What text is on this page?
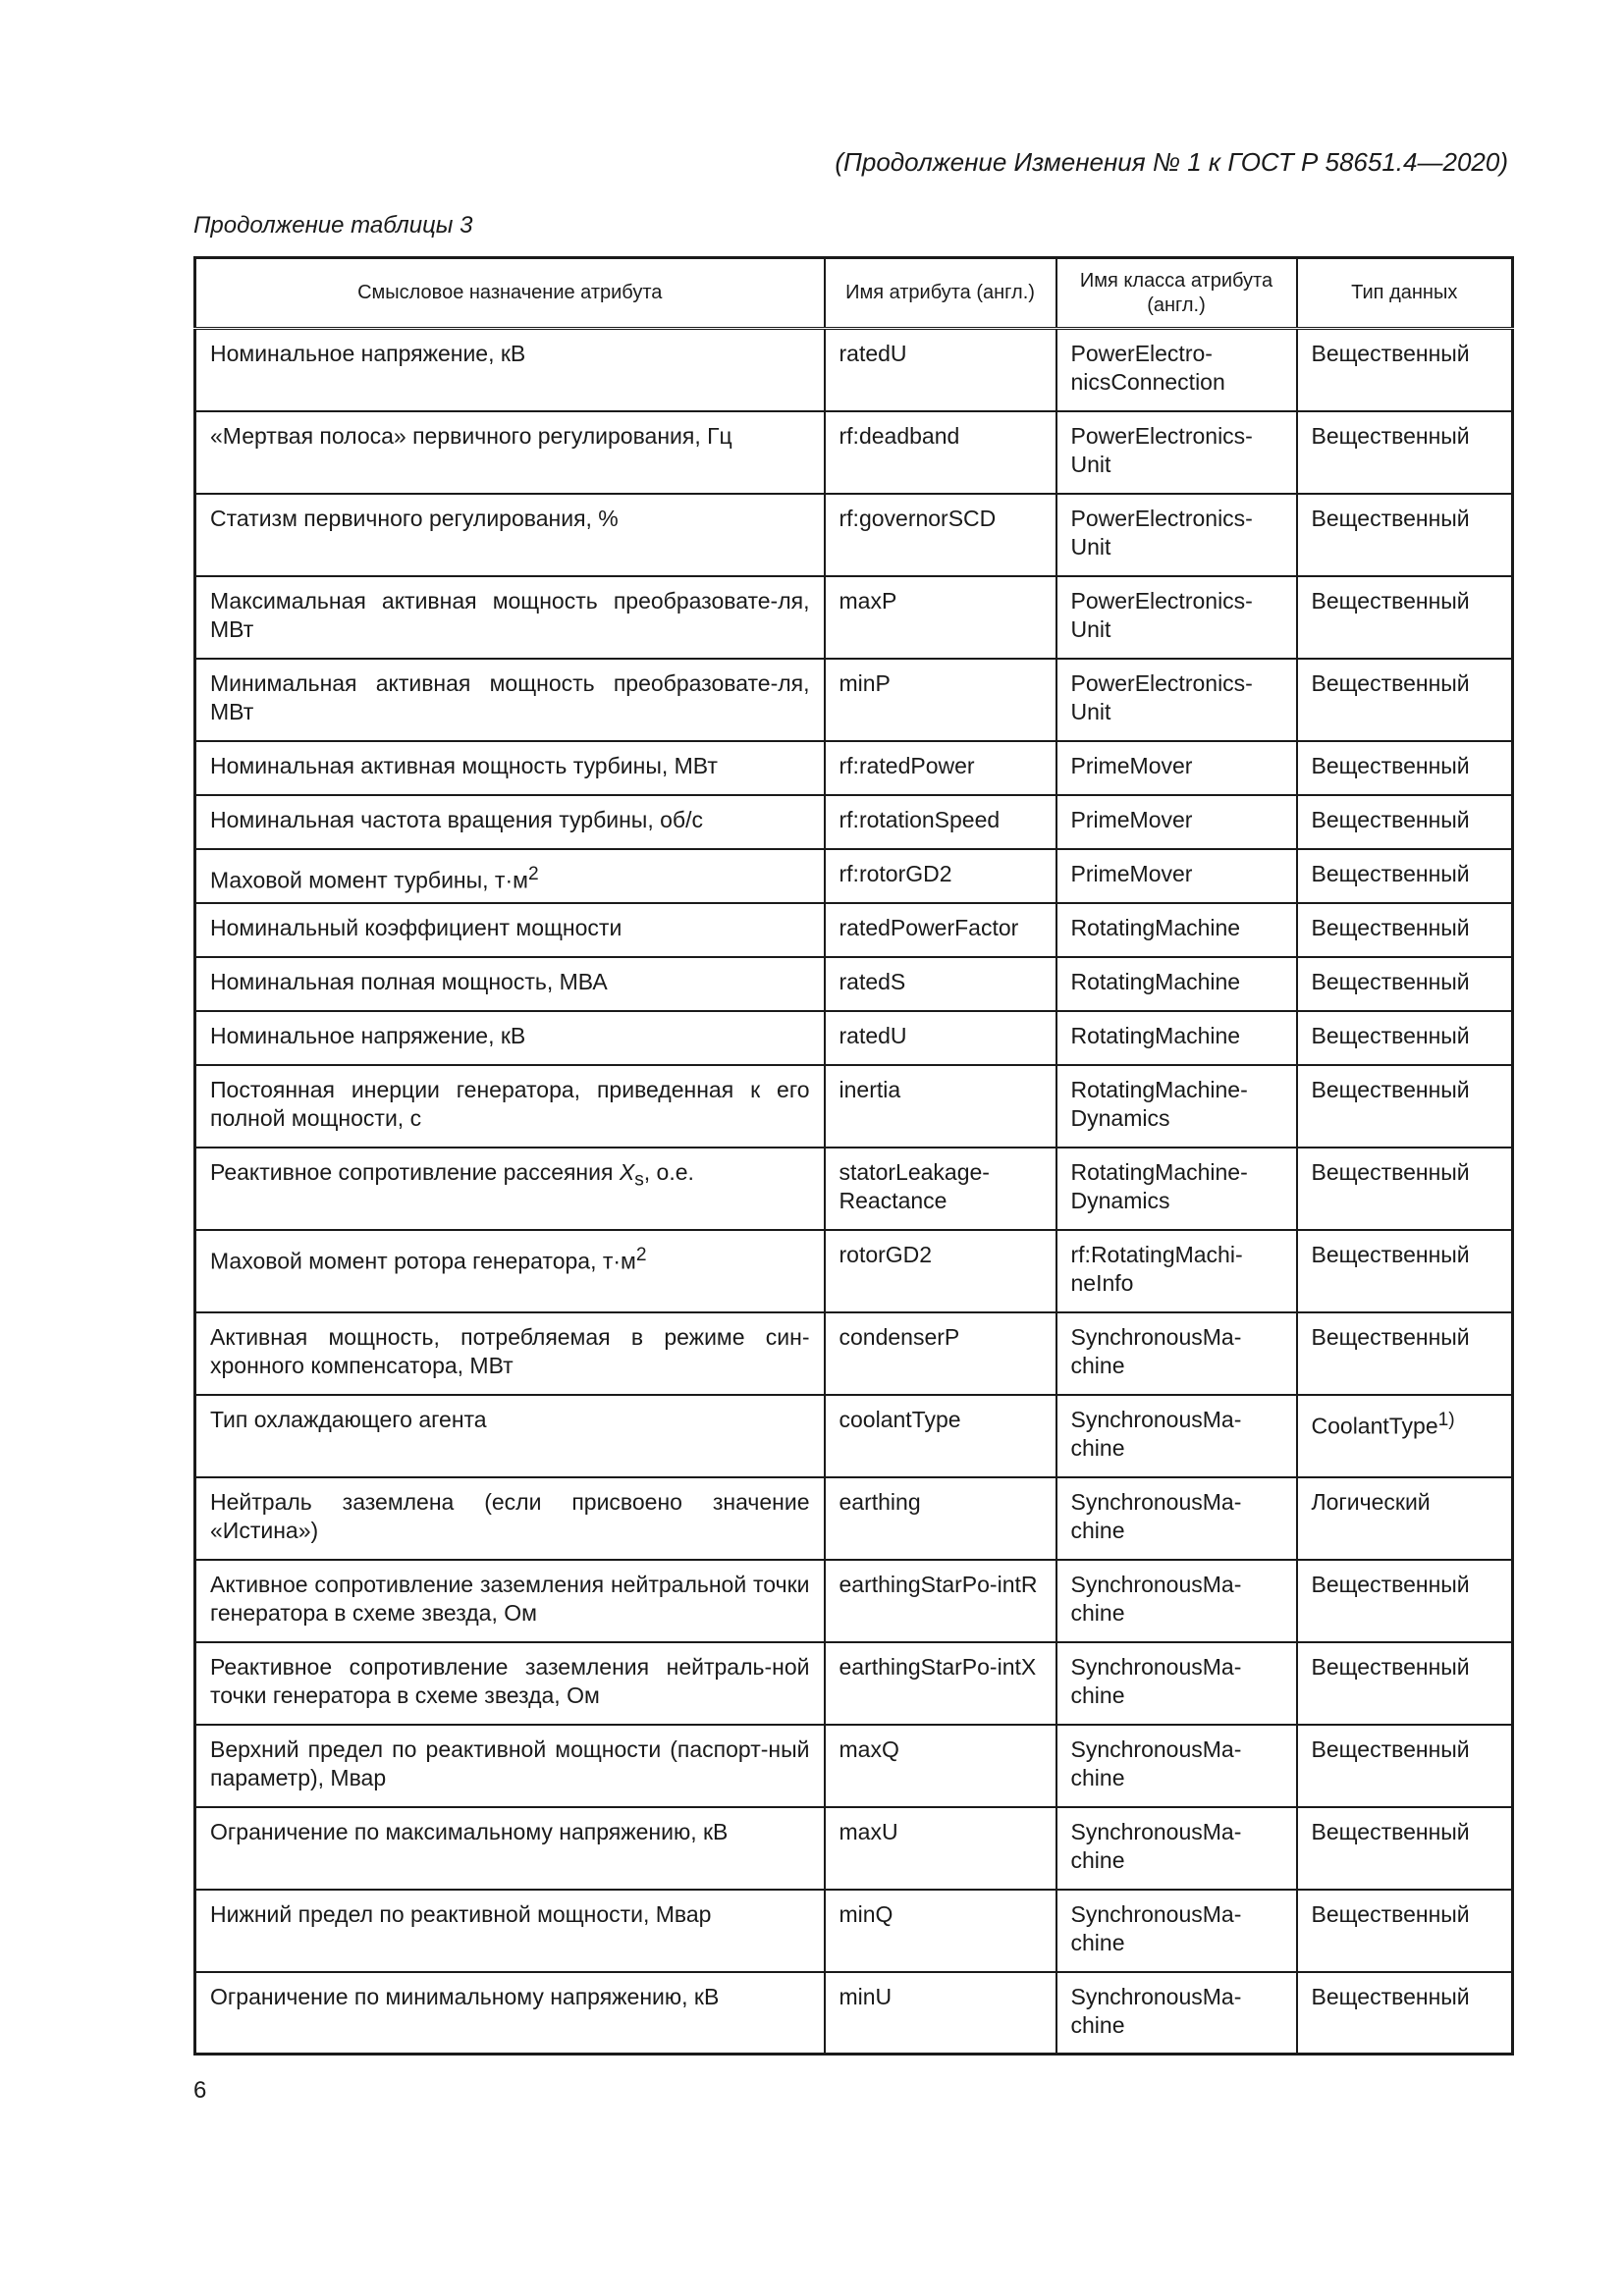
(Продолжение Изменения № 1 к ГОСТ Р 58651.4—2020)
Продолжение таблицы 3
Смысловое назначение атрибута	Имя атрибута (англ.)	Имя класса атрибута (англ.)	Тип данных
Номинальное напряжение, кВ	ratedU	PowerElectro-nicsConnection	Вещественный
«Мертвая полоса» первичного регулирования, Гц	rf:deadband	PowerElectronics-Unit	Вещественный
Статизм первичного регулирования, %	rf:governorSCD	PowerElectronics-Unit	Вещественный
Максимальная активная мощность преобразовате-ля, МВт	maxP	PowerElectronics-Unit	Вещественный
Минимальная активная мощность преобразовате-ля, МВт	minP	PowerElectronics-Unit	Вещественный
Номинальная активная мощность турбины, МВт	rf:ratedPower	PrimeMover	Вещественный
Номинальная частота вращения турбины, об/с	rf:rotationSpeed	PrimeMover	Вещественный
Маховой момент турбины, $т\cdot м^2$	rf:rotorGD2	PrimeMover	Вещественный
Номинальный коэффициент мощности	ratedPowerFactor	RotatingMachine	Вещественный
Номинальная полная мощность, МВА	ratedS	RotatingMachine	Вещественный
Номинальное напряжение, кВ	ratedU	RotatingMachine	Вещественный
Постоянная инерции генератора, приведенная к его полной мощности, с	inertia	RotatingMachine-Dynamics	Вещественный
Реактивное сопротивление рассеяния $X_s$, о.е.	statorLeakage-Reactance	RotatingMachine-Dynamics	Вещественный
Маховой момент ротора генератора, $т\cdot м^2$	rotorGD2	rf:RotatingMachi-neInfo	Вещественный
Активная мощность, потребляемая в режиме син-хронного компенсатора, МВт	condenserP	SynchronousMa-chine	Вещественный
Тип охлаждающего агента	coolantType	SynchronousMa-chine	CoolantType$^{1)}$
Нейтраль заземлена (если присвоено значение «Истина»)	earthing	SynchronousMa-chine	Логический
Активное сопротивление заземления нейтральной точки генератора в схеме звезда, Ом	earthingStarPo-intR	SynchronousMa-chine	Вещественный
Реактивное сопротивление заземления нейтраль-ной точки генератора в схеме звезда, Ом	earthingStarPo-intX	SynchronousMa-chine	Вещественный
Верхний предел по реактивной мощности (паспорт-ный параметр), Мвар	maxQ	SynchronousMa-chine	Вещественный
Ограничение по максимальному напряжению, кВ	maxU	SynchronousMa-chine	Вещественный
Нижний предел по реактивной мощности, Мвар	minQ	SynchronousMa-chine	Вещественный
Ограничение по минимальному напряжению, кВ	minU	SynchronousMa-chine	Вещественный
6
